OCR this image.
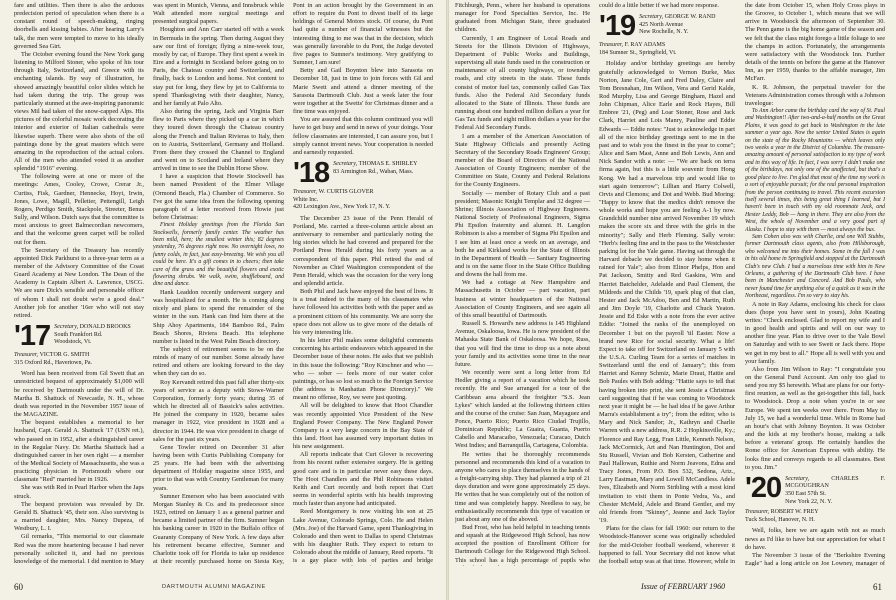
fare and utilities. Then there is also the arduous predecision period of speculation when there is a constant round of speech-making, ringing doorbells and kissing babies. After hearing Larry's talk, the men were tempted to move to his ideally governed Sea Girt.

The October evening found the New York gang listening to Milford Stoner, who spoke of his tour through Italy, Switzerland, and Greece with its enchanting islands. By way of illustration, he showed amazingly beautiful color slides which he had taken during the trip. The group was particularly stunned at the awe-inspiring panoramic views Mil had taken of the snow-capped Alps. His pictures of the colorful mosaic work decorating the interior and exterior of Italian cathedrals were likewise superb. There were also shots of the oil paintings done by the great masters which were amazing in the reproduction of the actual colors. All of the men who attended voted it as another splendid "1916" evening.

The following were at one or more of the meetings: Ames, Cooley, Crowe, Crerar Jr., Curtiss, Fisk, Gardner, Hennecke, Hoyt, Irwin, Jones, Lowe, Magill, Pelletier, Pettengill, Leigh Rogers, Perdigo Smith, Stackpole, Streeter, Benus Sully, and Wilson. Dutch says that the committee is most anxious to greet Balmecordian newcomers, and that the welcome green carpet will be rolled out for them.

The Secretary of the Treasury has recently appointed Dick Parkhurst to a three-year term as a member of the Advisory Committee of the Coast Guard Academy at New London. The Dean of the Academy is Captain Albert A. Lawrence, USCG. We are sure Dick's sensible and personable officer of whom I shall not doubt we're a good deal." Another job for another '16er who will not stay retired.

'17 Secretary, DONALD BROOKS
South Frankfort Rd.
Woodstock, Vt.
Treasurer, VICTOR G. SMITH
315 Oxford Rd., Havertown, Pa.

Word has been received from Gil Swett that an unrestricted bequest of approximately $1,000 will be received by Dartmouth under the will of Dr. Martha B. Shattuck of Newcastle, N. H., whose death was reported in the November 1957 issue of the MAGAZINE.

The bequest establishes a memorial to her husband, Capt. Gerald A. Shattuck '17 (USN ret.), who passed on in 1952, after a distinguished career in the Regular Navy. Dr. Martha Shattuck had a distinguished career in her own right — a member of the Medical Society of Massachusetts, she was a practicing physician in Portsmouth where our classmate "Red" married her in 1926.

She was with Red in Pearl Harbor when the Japs struck.

The bequest provision was revealed by Dr. Gerald B. Shattuck '45, their son. Also surviving is a married daughter, Mrs. Nancy Dupeza, of Westbury, L. I.

Gil remarks, "This memorial to our classmate Red was the more heartening because I had never personally solicited it, and had no previous knowledge of the memorial. I did mention to Mary

was spent in Munich, Vienna, and Innsbruck while Walt attended more surgical meetings and presented surgical papers.

Houghton and Ann Carr started off with a week in Bermuda in the spring. Then during August they saw our first of foreign; flying a nine-week tour, mostly by car, of Europe. They first spent a week in Eire and a fortnight in Scotland before going on to Paris, the Chateau country and Switzerland, and finally, back to London and home. Not content to stay put for long, they flew by jet to California to spend Thanksgiving with their daughter, Nancy, and her family at Palo Alto.

Also during the spring, Jack and Virginia Barr flew to Paris where they picked up a car in which they toured down through the Chateau country along the French and Italian Rivieras to Italy, then on to Austria, Switzerland, Germany and Holland. From there they crossed the Channel to England and went on to Scotland and Ireland where they arrived in time to see the Dublin Horse Show.

I have a suspicion that Howie Stockwell has been named President of the Elmer Village (Ormond Beach, Fla.) Chamber of Commerce. So I've got the same idea from the following opening paragraph of a letter received from Howie just before Christmas:

Finest Holiday greetings from the Florida Sun Stockwells, formerly family center. The weather has been mild, here; the smallest winter this; 82 degrees yesterday, 76 degrees right now. No overnight lows, no funny colds, in fact, just easy-breezing. We wish you all could be here. It's a gift comes in to cheers; then take care of the grass and the beautiful flowers and exotic flowering shrubs. We walk, swim, shuffleboard, and dine and dance.

Hank Leaddon recently underwent surgery and was hospitalized for a month. He is coming along nicely and plans to spend the remainder of the winter in the sun. Hank can find him there at the Ship Ahoy Apartments, 184 Bamboo Rd., Palm Beach Shores, Riviera Beach. His telephone number is listed in the West Palm Beach directory.

The subject of retirement seems to be on the minds of many of our number. Some already have retired and others are looking forward to the day when they can do so.

Roy Kervandt retired this past fall after thirty-six years of service as a deputy with Stowe-Warner Corporation, formerly forty years; during 35 of which he directed all of Bassick's sales activities. He joined the company in 1920, became sales manager in 1922, vice president in 1928 and a director in 1944. He was vice president in charge of sales for the past six years.

Gene Towler retired on December 31 after having been with Curtis Publishing Company for 25 years. He had been with the advertising department of Holiday magazine since 1955, and prior to that was with Country Gentleman for many years.

Sumner Emerson who has been associated with Morgan Stanley & Co. and its predecessor since 1923, retired on January 1 as a general partner and became a limited partner of the firm. Sumner began his banking career in 1920 in the Buffalo office of Guaranty Company of New York. A few days after his retirement became effective, Sumner and Charlotte took off for Florida to take up residence at their recently purchased home on Siesta Key,

Pont in an action brought by the Government in an effort to require du Pont to divest itself of its large holdings of General Motors stock. Of course, du Pont had quite a number of financial witnesses but the interesting thing to me was that in the decision, which was generally favorable to du Pont, the Judge devoted five pages to Sumner's testimony. Very gratifying to Sumner, I am sure!

Betty and Gail Boynton blew into Sarasota on December 18, just in time to join forces with Gil and Marie Swett and attend a dinner meeting of the Sarasota Dartmouth Club. Just a week later the four were together at the Swetts' for Christmas dinner and a fine time was enjoyed.

You are assured that this column continued you will have to get busy and send in news of your doings. Your fellow classmates are interested, I can assure you, but I simply cannot invent news. Your cooperation is needed and earnestly requested.

'18 Secretary, THOMAS E. SHIRLEY
83 Armington Rd., Waban, Mass.
Treasurer, W. CURTIS GLOVER
White Inc.
420 Lexington Ave., New York 17, N. Y.

The December 23 issue of the Penn Herald of Portland, Me. carried a three-column article about an anniversary to remember and particularly noting the big stories which he had covered and prepared for the Portland Press Herald during his forty years as a correspondent of this paper. Phil retired the end of November as Chief Washington correspondent of the Penn Herald, which was the occasion for the very long and splendid article.

Both Phil and Jack have enjoyed the best of lives. It is a treat indeed to the many of his classmates who have followed his activities both with the paper and as a prominent citizen of his community. We are sorry the space does not allow us to give more of the details of his very interesting life.

In his letter Phil makes some delightful comments concerning his artistic endeavors which appeared in the December issue of these notes. He asks that we publish in this issue the following: "Roy Kirschner and who — who — sober — feels more of our water color paintings, or has so lost so much to the Foreign Service (the address is Manhattan Phone Directory)." We meant no offense, Roy, we were just quoting.

All will be delighted to know that Hoot Chandler was recently appointed Vice President of the New England Power Company. The New England Power Company is a very large concern in the Bay State of this land. Hoot has assumed very important duties in his new assignment.

All reports indicate that Curt Glover is recovering from his recent rather extensive surgery. He is getting good care and is in particular never easy these days. The Hoot Chandlers and the Phil Robinsons visited Keith and Curt recently and both report that Curt seems in wonderful spirits with his health improving much faster than anyone had anticipated.

Reed Montgomery is now visiting his son at 25 Lake Avenue, Colorado Springs, Colo. He and Helen (Mrs. Joe) of the Harvard Game, spent Thanksgiving in Colorado and then went to Dallas to spend Christmas with his daughter Ruth. They expect to return to Colorado about the middle of January, Reed reports. "It is a gay place with lots of parties and bridge

60	DARTMOUTH ALUMNI MAGAZINE

Fitchburgh, Penn., where her husband is operations manager for Food Specialties Service, Inc. He graduated from Michigan State, three graduated children.

Currently, I am Engineer of Local Roads and Streets for the Illinois Division of Highways, Department of Public Works and Buildings, supervising all state funds used in the construction or maintenance of all county highways, or township roads, and city streets in the state. These funds consist of motor fuel tax, commonly called Gas Tax funds. Also the Federal Aid Secondary funds allocated to the State of Illinois. These funds are running about one hundred million dollars a year for Gas Tax funds and eight million dollars a year for the Federal Aid Secondary Funds.

I am a member of the American Association of State Highway Officials and presently Acting Secretary of the Secondary Roads Engineers' Group; member of the Board of Directors of the National Association of County Engineers; member of the Committee on State, County and Federal Relations for the County Engineers.

Socially — member of Rotary Club and a past president; Masonic Knight Templar and 32 degree — Shrine; Illinois Association of Highway Engineers. National Society of Professional Engineers, Sigma Phi Epsilon fraternity and alumni. H. Langdon Robinson is also a member of Sigma Phi Epsilon and I see him at least once a week on an average, and both he and Kirkland works for the State of Illinois in the Department of Health — Sanitary Engineering and is on the same floor in the State Office Building and downs the hall from me.

We had a cottage at New Hampshire and Massachusetts in October — part vacation, part business at winter headquarters of the National Association of County Engineers, and see again all of this small beautiful of Dartmouth.

Russell S. Howard's new address is 145 Highland Avenue, Oskaloosa, Iowa. He is now president of the Mahaska State Bank of Oskaloosa. We hope, Russ, that you will find the time to drop us a note about your family and its activities some time in the near future.

We recently were sent a long letter from Ed Hedler giving a report of a vacation which he took recently. He and Sue arranged for a tour of the Caribbean area aboard the freighter "S.S. Jean Lykes" which landed at the following thirteen cities and the course of the cruise: San Juan, Mayaguez and Ponce, Puerto Rico; Puerto Rico Ciudad Trujillo, Dominican Republic; La Guaira, Guanta, Puerto Cabello and Maracaibo, Venezuela; Curacao, Dutch West Indies; and Barranquilla, Cartagena, Colombia.

He writes that he thoroughly recommends personnel and recommends this kind of a vacation to anyone who cares to place themselves in the hands of a freight-carrying ship. They had planned a trip of 21 days duration and were gone approximately 25 days. He writes that he was completely out of the notion of time and was completely happy. Needless to say, he enthusiastically recommends this type of vacation or just about any one of the aboved.

Bud Frost, who has held helpful in teaching tennis and squash at the Ridgewood High School, has now accepted the position of Enrollment Officer for Dartmouth College for the Ridgewood High School. This school has a high percentage of pupils who

could do a little better if we had more response.

'19 Secretary, GEORGE W. RAND
425 North Avenue
New Rochelle, N. Y.
Treasurer, F. RAY ADAMS
184 Sumner St., Springfield, Vt.

Holiday and/or birthday greetings are hereby gratefully acknowledged to Vernon Burke, Max Norton, Jane Cole, Gert and Fred Daley, Claire and Tom Bresnahan, Jim Wilson, Vera and Gerid Kalde, Rod Murphy, Lisa and George Bingham, Hazel and John Chipman, Alice Earle and Rock Hayes, Bill Embree '21, (Peg) and Loar Stoner, Rose and Jack Clark, Harriet and Lois Manry, Pauline and Eddie Edwards — Eddie notes: "Just to acknowledge in part all of the nice birthday greetings sent to me in the past and to wish you the finest in the year to come"; Alice and Sam Mast, Anne and Bob Lewis, Ann and Nick Sandor with a note: — "We are back on terra firma again, but this is a little souvenir from Hong Kong. We had a marvelous trip and would like to start again tomorrow"; Lillian and Harry Colwell, Orvis and Clemons; and Dot and Webb. Bud Moring: "Happy to know that the medics didn't remove the whole works and hope you are feeling A-1 by now. Grandchild number nine arrived November 19 which makes the score six and three with the girls in the minority"; Sally and Herb Fleming. Sally wrote: "Herb's feeling fine and in the pass to the Westchester parking lot for the Yale game. Having sat through the Harvard debacle we decided to stay home when it rained for Yale"; also from Elinor Phelps, Hon and Pat Jackson, Smitty and Red Gaskins, Wm and Harriet Batchelder, Adelaide and Paul Clement, the Mildreds and the Childs '19, spark plug of that clan, Hester and Jack McAdoo, Ben and Ed Martin, Ruth and Jim Doyle '19, Charlotte and Chuck Yeaton. Jessie and Ed Eske with a note from the ever active Eddie: "Joined the ranks of the unemployed on December 1 but on the payroll 'til Easter. Now a brand new Rice for social security. What a life! Expect to take off for Switzerland on January 5 with the U.S.A. Curling Team for a series of matches in Switzerland until the end of January"; this from Harriet and Kenny Schmiz, Marie Draut, Hattie and Bob Paules with Bob adding: "Hattie says to tell that having broken into print, she sent Jessie a Christmas card suggesting that if he was coming to Woodstock next year it might be — he had idea if he gave Arthur Marra's establishment a try"; from the editor, who is Mary and Nick Sandor; Jr., Kathryn and Charlie Warren with a new address, R.R. 2 Hopkinsville, Ky.; Florence and Ray Legg, Fran Little, Kenneth Nelson, Jack McCormick, Art and Nan Huntington, Dot and Stu Russell, Vivian and Bob Kersten, Catherine and Paul Hallowan, Ruthie and Norm Jeavons, Edna and Tracy Jones, From P.O. Box 532, Sedona, Ariz., Larry Eastman, Mary and Lowell McCandless. Adele Ives, Elizabeth and Norm Stribling with a most kind invitation to visit them in Ponte Vedra, Va., and Chester McMeld, Adele and Brand Gentler, and my old friends from "Skinny", Jeanne and Jack Taylor '19.

Plans for the class for fall 1960: our return to the Woodstock-Hanover scene was originally scheduled for the mid-October football weekend, wherever it happened to fall. Your Secretary did not know what the football setup was at that time. However, while in

the date from October 15, when Holy Cross plays in the Groove, to October 1, which means that we will arrive in Woodstock the afternoon of September 30. The Penn game is the big home game of the season and we felt that the class might forego a little foliage to see the champs in action. Fortunately, the arrangements were satisfactory with the Woodstock Inn. Further details of the tennis on before the game at the Hanover Inn, as per 1959, thanks to the affable manager, Jim McFarr.

K. R. Johnson, the perpetual traveler for the Veterans Administration comes through with a Johnson travelogue:

To Ann Arbor came the birthday card the way of St. Paul and Washington!! After two-and-a-half months on the Great Plains, it was good to get back to Washington in the late summer a year ago. Now the senior United States is again on the state of the Rocky Mountains — which leaves only two weeks a year in the District of Columbia. The treasure-amazing amount of personal satisfaction to my type of work and in this way of life. In fact, I was sorry I didn't make one of the birthdays, not only one of the unaffected, but that's a good place to live. I'm glad that most of the time my work is a sort of enjoyable pursuit; for the real personal inspiration from the person continuing to travel. This recent excursion itself several times, this being great thing I learned, but I haven't been in touch with my old roommate Jack, and Hester Leddy, Bob — hang in there. They are also from the West, the whole of November and a very good part of Alaska. I hope to stay with them — most always the bus.

Sam Cohen also was with Charlie, and one Will Stubbs, former Dartmouth class agents, also from Hillsborough, who welcomed me into their homes. Some in the fall I was in his old home in Springfield and stopped at the Dartmouth Club's new Club. I had a marvelous time with him in New Orleans, a gathering of the Dartmouth Club here. I have been in Manchester and Concord. And Bob Pauls, who never found time for anything else of a quick as it was in the Northeast, regardless. I'm so very to stay his.

A note in Ray Adams, enclosing his check for class dues (hope you have sent in yours), John Keating writes: "Check enclosed. Glad to report my wife and I in good health and spirits and will on our way to another fine year. Plan to drive over to the Yale Bowl on Saturday and with to see Swett or Jack there. Hope we get in my best to all." Hope all is well with you and your family.

Also from Jim Wilson to Ray: "I congratulate you on the General Fund Account. Am only too glad to send you my $5 herewith. What are plans for our forty-first reunion, as well as the get-together this fall, back to Woodstock. Drop a note when you're in or see Europe. We spent ten weeks over there. From May to July 15, we had a wonderful time. While in Rome had an hour's chat with Johnny Boynton. It was October and the kids at my brother's house, making a talk before a veterans' group. He certainly handles the Rome office for American Express with ability. He looks fine and conveys regards to all classmates. Best to you. Jim."

'20 Secretary,	CHARLES F. MCGOUGHRAN
350 East 57th St.
New York 22, N. Y.
Treasurer, ROBERT W. FREY
Tuck School, Hanover, N. H.

Well, folks, here we are again with not as much news as I'd like to have but our appreciation for what I do have.

The November 3 issue of the "Berkshire Evening Eagle" had a long article on Joe Lowney, manager of

Issue of FEBRUARY 1960	61
